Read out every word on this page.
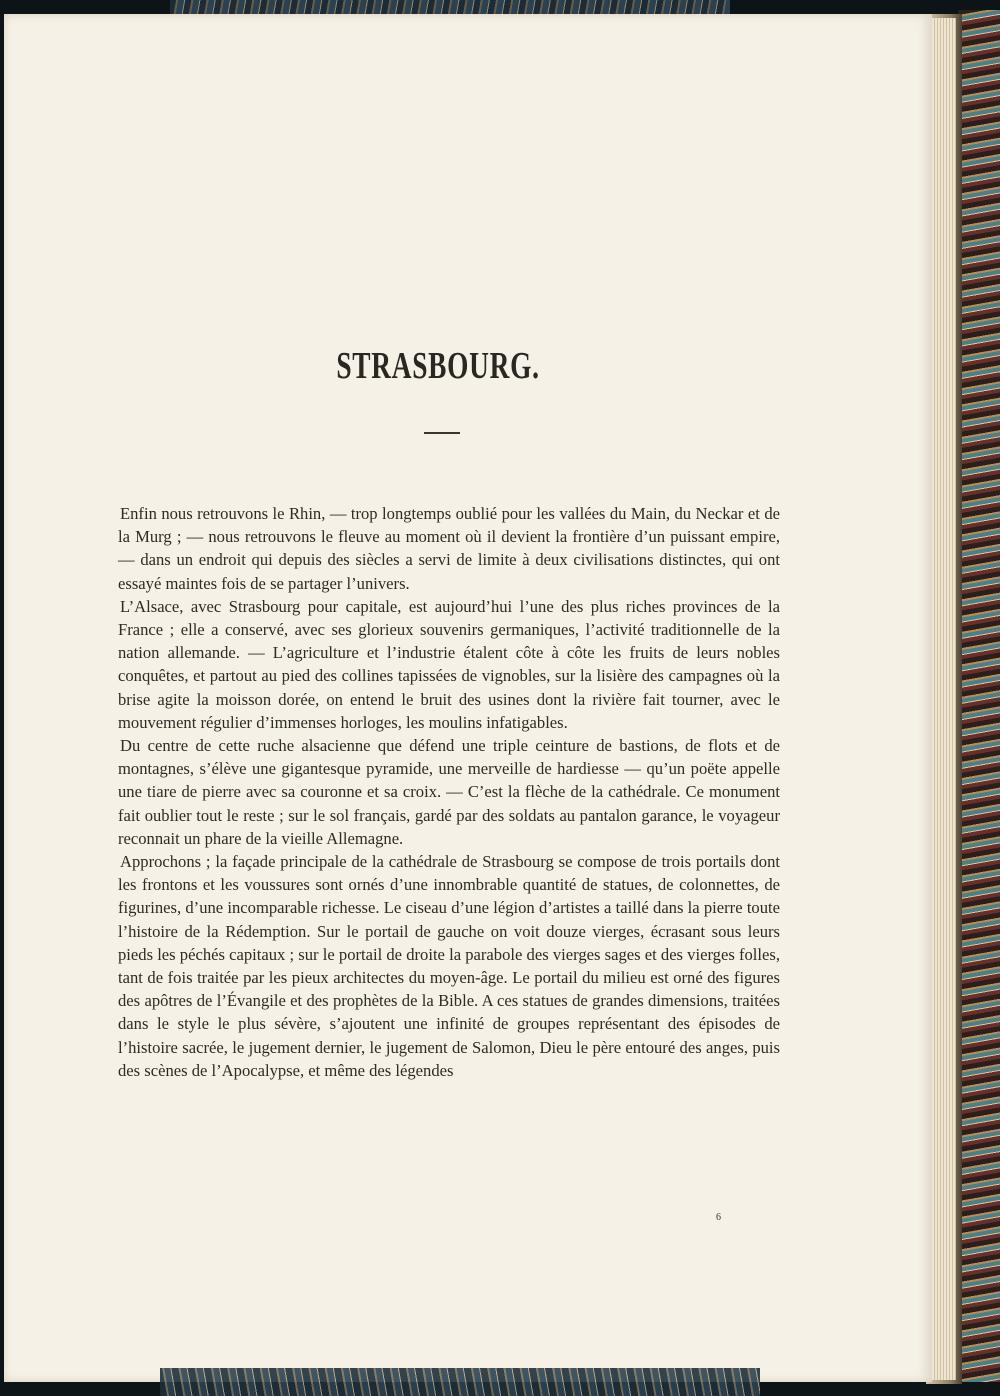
STRASBOURG.

Enfin nous retrouvons le Rhin, — trop longtemps oublié pour les vallées du Main, du Neckar et de la Murg ; — nous retrouvons le fleuve au moment où il devient la frontière d’un puissant empire, — dans un endroit qui depuis des siècles a servi de limite à deux civilisations distinctes, qui ont essayé maintes fois de se partager l’univers.

L’Alsace, avec Strasbourg pour capitale, est aujourd’hui l’une des plus riches provinces de la France ; elle a conservé, avec ses glorieux souvenirs germaniques, l’activité traditionnelle de la nation allemande. — L’agriculture et l’industrie étalent côte à côte les fruits de leurs nobles conquêtes, et partout au pied des collines tapissées de vignobles, sur la lisière des campagnes où la brise agite la moisson dorée, on entend le bruit des usines dont la rivière fait tourner, avec le mouvement régulier d’immenses horloges, les moulins infatigables.

Du centre de cette ruche alsacienne que défend une triple ceinture de bastions, de flots et de montagnes, s’élève une gigantesque pyramide, une merveille de hardiesse — qu’un poëte appelle une tiare de pierre avec sa couronne et sa croix. — C’est la flèche de la cathédrale. Ce monument fait oublier tout le reste ; sur le sol français, gardé par des soldats au pantalon garance, le voyageur reconnait un phare de la vieille Allemagne.

Approchons ; la façade principale de la cathédrale de Strasbourg se compose de trois portails dont les frontons et les voussures sont ornés d’une innombrable quantité de statues, de colonnettes, de figurines, d’une incomparable richesse. Le ciseau d’une légion d’artistes a taillé dans la pierre toute l’histoire de la Rédemption. Sur le portail de gauche on voit douze vierges, écrasant sous leurs pieds les péchés capitaux ; sur le portail de droite la parabole des vierges sages et des vierges folles, tant de fois traitée par les pieux architectes du moyen-âge. Le portail du milieu est orné des figures des apôtres de l’Évangile et des prophètes de la Bible. A ces statues de grandes dimensions, traitées dans le style le plus sévère, s’ajoutent une infinité de groupes représentant des épisodes de l’histoire sacrée, le jugement dernier, le jugement de Salomon, Dieu le père entouré des anges, puis des scènes de l’Apocalypse, et même des légendes

6
